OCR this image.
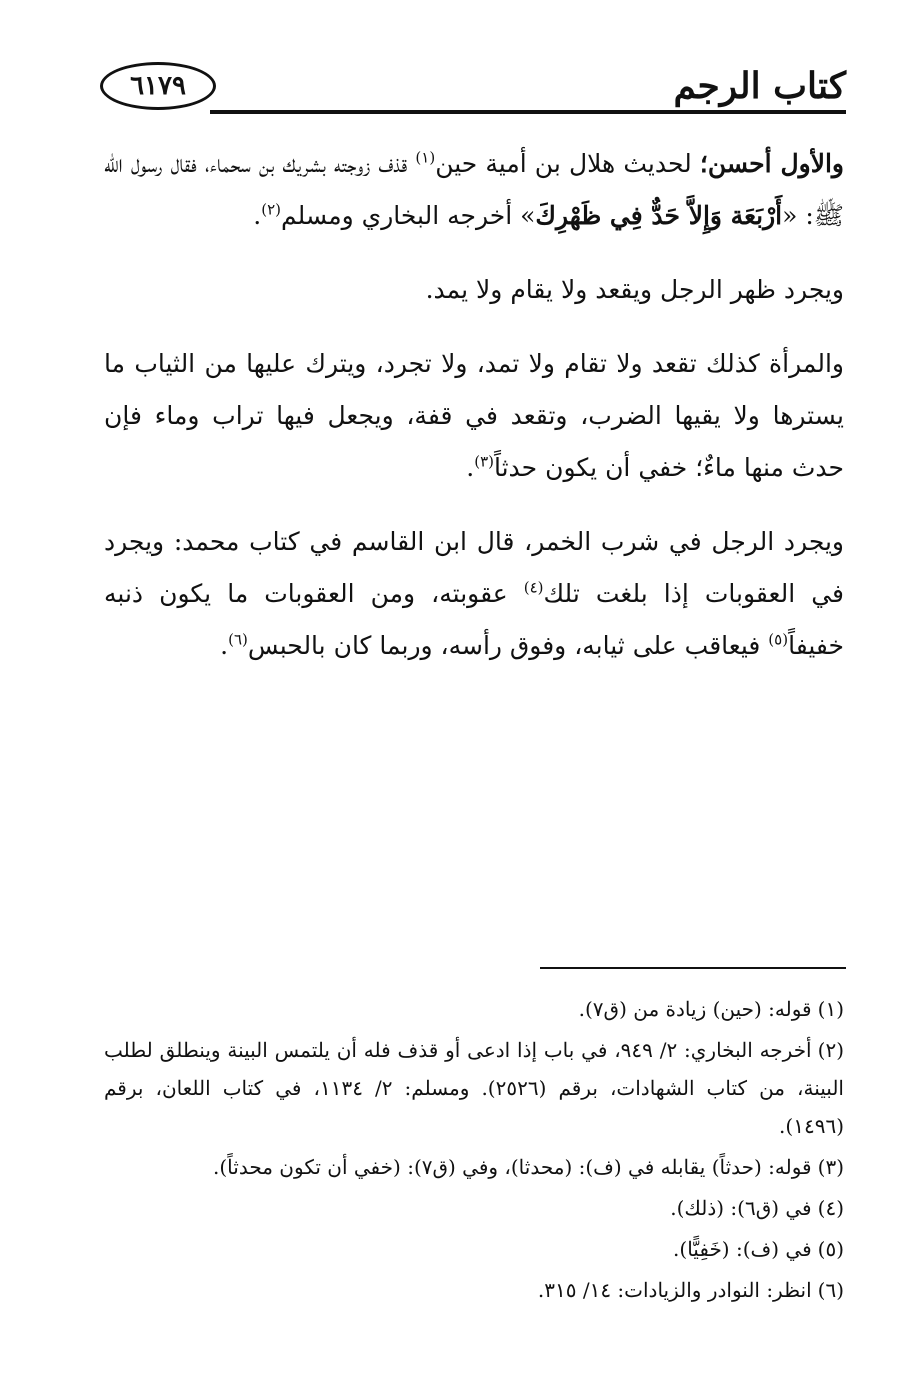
٦١٧٩	كتاب الرجم

والأول أحسن؛ لحديث هلال بن أمية حين$^{(١)}$ قذف زوجته بشريك بن سحماء، فقال رسول الله ﷺ: «أَرْبَعَة وَإِلاَّ حَدٌّ فِي ظَهْرِكَ» أخرجه البخاري ومسلم$^{(٢)}$.

ويجرد ظهر الرجل ويقعد ولا يقام ولا يمد.

والمرأة كذلك تقعد ولا تقام ولا تمد، ولا تجرد، ويترك عليها من الثياب ما يسترها ولا يقيها الضرب، وتقعد في قفة، ويجعل فيها تراب وماء فإن حدث منها ماءٌ؛ خفي أن يكون حدثاً$^{(٣)}$.

ويجرد الرجل في شرب الخمر، قال ابن القاسم في كتاب محمد: ويجرد في العقوبات إذا بلغت تلك$^{(٤)}$ عقوبته، ومن العقوبات ما يكون ذنبه خفيفاً$^{(٥)}$ فيعاقب على ثيابه، وفوق رأسه، وربما كان بالحبس$^{(٦)}$.

(١)قوله: (حين) زيادة من (ق٧).
(٢)أخرجه البخاري: ٢/ ٩٤٩، في باب إذا ادعى أو قذف فله أن يلتمس البينة وينطلق لطلب البينة، من كتاب الشهادات، برقم (٢٥٢٦). ومسلم: ٢/ ١١٣٤، في كتاب اللعان، برقم (١٤٩٦).
(٣)قوله: (حدثاً) يقابله في (ف): (محدثا)، وفي (ق٧): (خفي أن تكون محدثاً).
(٤)في (ق٦): (ذلك).
(٥)في (ف): (خَفِيًّا).
(٦)انظر: النوادر والزيادات: ١٤/ ٣١٥.
